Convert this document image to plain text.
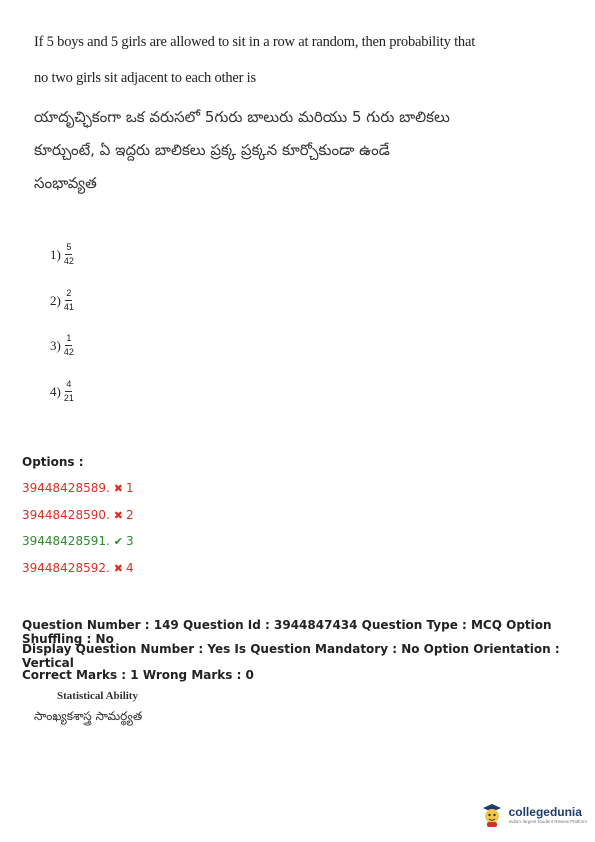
If 5 boys and 5 girls are allowed to sit in a row at random, then probability that
no two girls sit adjacent to each other is
యాదృచ్ఛికంగా ఒక వరుసలో 5గురు బాలురు మరియు 5 గురు బాలికలు
కూర్చుంటే, ఏ ఇద్దరు బాలికలు ప్రక్క ప్రక్కన కూర్చోకుండా ఉండే
సంభావ్యత
$1) \frac{5}{42}$
$2) \frac{2}{41}$
$3) \frac{1}{42}$
$4) \frac{4}{21}$
Options :
39448428589. ✖ 1
39448428590. ✖ 2
39448428591. ✔ 3
39448428592. ✖ 4
Question Number : 149 Question Id : 3944847434 Question Type : MCQ Option Shuffling : No
Display Question Number : Yes Is Question Mandatory : No Option Orientation : Vertical
Correct Marks : 1 Wrong Marks : 0
Statistical Ability
సాంఖ్యకశాస్త్ర సామర్థ్యత
collegedunia
India's largest Student Review Platform
